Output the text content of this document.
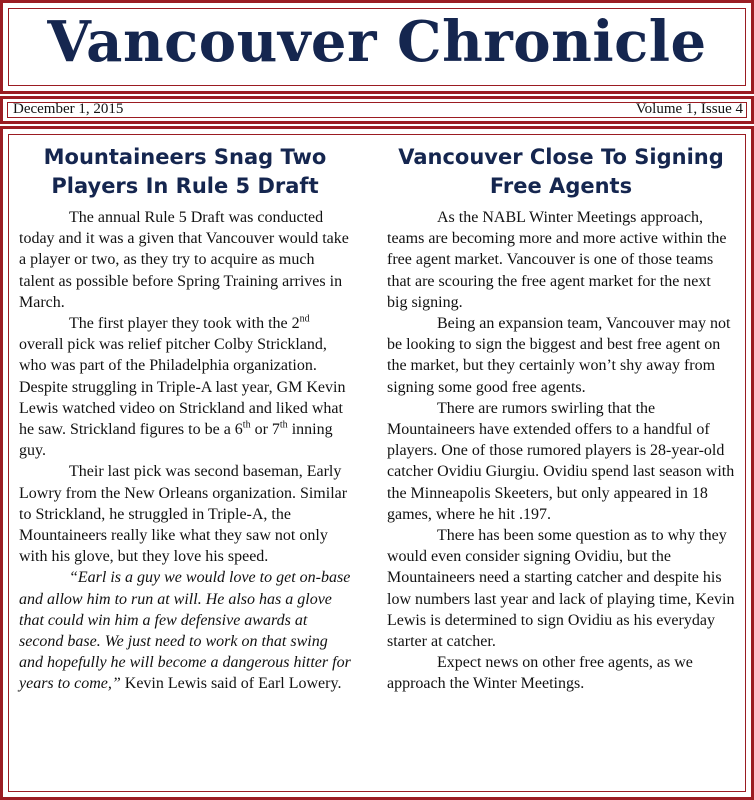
Vancouver Chronicle
December 1, 2015	Volume 1, Issue 4
Mountaineers Snag Two Players In Rule 5 Draft

The annual Rule 5 Draft was conducted today and it was a given that Vancouver would take a player or two, as they try to acquire as much talent as possible before Spring Training arrives in March.

The first player they took with the 2nd overall pick was relief pitcher Colby Strickland, who was part of the Philadelphia organization. Despite struggling in Triple-A last year, GM Kevin Lewis watched video on Strickland and liked what he saw. Strickland figures to be a 6th or 7th inning guy.

Their last pick was second baseman, Early Lowry from the New Orleans organization. Similar to Strickland, he struggled in Triple-A, the Mountaineers really like what they saw not only with his glove, but they love his speed.

“Earl is a guy we would love to get on-base and allow him to run at will. He also has a glove that could win him a few defensive awards at second base. We just need to work on that swing and hopefully he will become a dangerous hitter for years to come,” Kevin Lewis said of Earl Lowery.

Vancouver Close To Signing Free Agents

As the NABL Winter Meetings approach, teams are becoming more and more active within the free agent market. Vancouver is one of those teams that are scouring the free agent market for the next big signing.

Being an expansion team, Vancouver may not be looking to sign the biggest and best free agent on the market, but they certainly won’t shy away from signing some good free agents.

There are rumors swirling that the Mountaineers have extended offers to a handful of players. One of those rumored players is 28-year-old catcher Ovidiu Giurgiu. Ovidiu spend last season with the Minneapolis Skeeters, but only appeared in 18 games, where he hit .197.

There has been some question as to why they would even consider signing Ovidiu, but the Mountaineers need a starting catcher and despite his low numbers last year and lack of playing time, Kevin Lewis is determined to sign Ovidiu as his everyday starter at catcher.

Expect news on other free agents, as we approach the Winter Meetings.
